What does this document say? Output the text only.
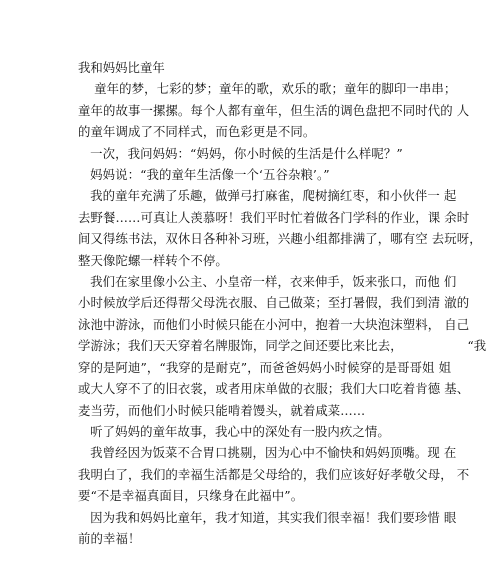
我和妈妈比童年
童年的梦，七彩的梦；童年的歌，欢乐的歌；童年的脚印一串串；
童年的故事一摞摞。每个人都有童年，但生活的调色盘把不同时代的 人
的童年调成了不同样式，而色彩更是不同。
一次，我问妈妈：“妈妈，你小时候的生活是什么样呢？”
妈妈说：“我的童年生活像一个‘五谷杂粮’。”
我的童年充满了乐趣，做弹弓打麻雀，爬树摘红枣，和小伙伴一 起
去野餐……可真让人羡慕呀！我们平时忙着做各门学科的作业，课 余时
间又得练书法，双休日各种补习班，兴趣小组都排满了，哪有空 去玩呀，
整天像陀螺一样转个不停。
我们在家里像小公主、小皇帝一样，衣来伸手，饭来张口，而他 们
小时候放学后还得帮父母洗衣服、自己做菜；至打暑假，我们到清 澈的
泳池中游泳，而他们小时候只能在小河中，抱着一大块泡沫塑料， 自己
学游泳；我们天天穿着名牌服饰，同学之间还要比来比去，                “我
穿的是阿迪”，“我穿的是耐克”，而爸爸妈妈小时候穿的是哥哥姐 姐
或大人穿不了的旧衣裳，或者用床单做的衣服；我们大口吃着肯德 基、
麦当劳，而他们小时候只能啃着馒头，就着咸菜……
听了妈妈的童年故事，我心中的深处有一股内疚之情。
我曾经因为饭菜不合胃口挑剔，因为心中不愉快和妈妈顶嘴。现 在
我明白了，我们的幸福生活都是父母给的，我们应该好好孝敬父母， 不
要“不是幸福真面目，只缘身在此福中”。
因为我和妈妈比童年，我才知道，其实我们很幸福！我们要珍惜 眼
前的幸福！
